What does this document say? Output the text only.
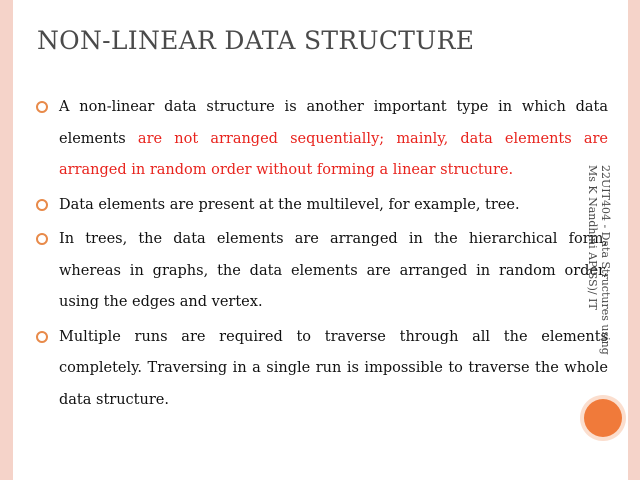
NON-LINEAR DATA STRUCTURE
A non-linear data structure is another important type in which data elements are not arranged sequentially; mainly, data elements are arranged in random order without forming a linear structure.
Data elements are present at the multilevel, for example, tree.
In trees, the data elements are arranged in the hierarchical form, whereas in graphs, the data elements are arranged in random order, using the edges and vertex.
Multiple runs are required to traverse through all the elements completely. Traversing in a single run is impossible to traverse the whole data structure.
22UIT404 - Data Structures using
Ms K Nandhini AP(SS)/ IT
